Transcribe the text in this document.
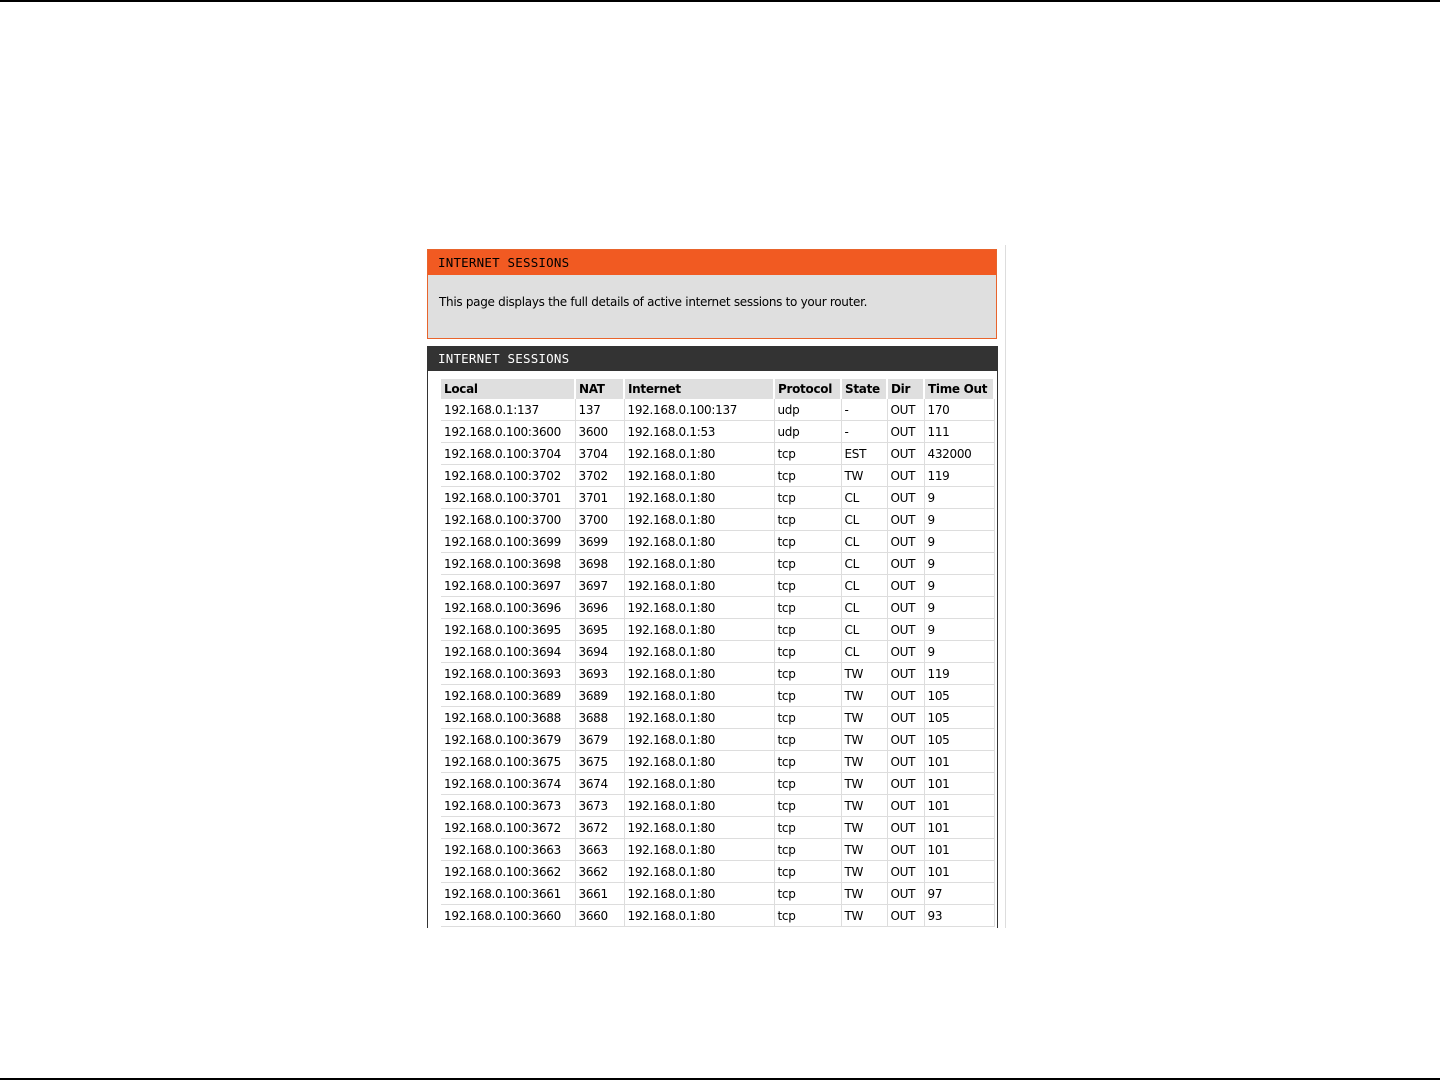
INTERNET SESSIONS
This page displays the full details of active internet sessions to your router.
INTERNET SESSIONS
Local	NAT	Internet	Protocol	State	Dir	Time Out
192.168.0.1:137	137	192.168.0.100:137	udp	-	OUT	170
192.168.0.100:3600	3600	192.168.0.1:53	udp	-	OUT	111
192.168.0.100:3704	3704	192.168.0.1:80	tcp	EST	OUT	432000
192.168.0.100:3702	3702	192.168.0.1:80	tcp	TW	OUT	119
192.168.0.100:3701	3701	192.168.0.1:80	tcp	CL	OUT	9
192.168.0.100:3700	3700	192.168.0.1:80	tcp	CL	OUT	9
192.168.0.100:3699	3699	192.168.0.1:80	tcp	CL	OUT	9
192.168.0.100:3698	3698	192.168.0.1:80	tcp	CL	OUT	9
192.168.0.100:3697	3697	192.168.0.1:80	tcp	CL	OUT	9
192.168.0.100:3696	3696	192.168.0.1:80	tcp	CL	OUT	9
192.168.0.100:3695	3695	192.168.0.1:80	tcp	CL	OUT	9
192.168.0.100:3694	3694	192.168.0.1:80	tcp	CL	OUT	9
192.168.0.100:3693	3693	192.168.0.1:80	tcp	TW	OUT	119
192.168.0.100:3689	3689	192.168.0.1:80	tcp	TW	OUT	105
192.168.0.100:3688	3688	192.168.0.1:80	tcp	TW	OUT	105
192.168.0.100:3679	3679	192.168.0.1:80	tcp	TW	OUT	105
192.168.0.100:3675	3675	192.168.0.1:80	tcp	TW	OUT	101
192.168.0.100:3674	3674	192.168.0.1:80	tcp	TW	OUT	101
192.168.0.100:3673	3673	192.168.0.1:80	tcp	TW	OUT	101
192.168.0.100:3672	3672	192.168.0.1:80	tcp	TW	OUT	101
192.168.0.100:3663	3663	192.168.0.1:80	tcp	TW	OUT	101
192.168.0.100:3662	3662	192.168.0.1:80	tcp	TW	OUT	101
192.168.0.100:3661	3661	192.168.0.1:80	tcp	TW	OUT	97
192.168.0.100:3660	3660	192.168.0.1:80	tcp	TW	OUT	93
